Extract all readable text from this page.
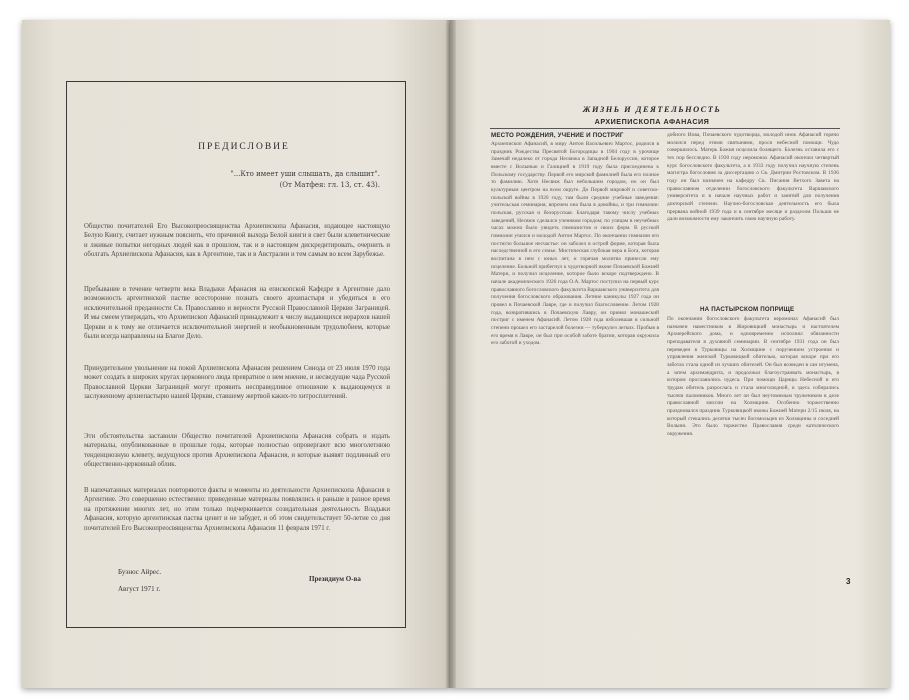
ПРЕДИСЛОВИЕ
"...Кто имеет уши слышать, да слышит".
(От Матфея: гл. 13, ст. 43).
Общество почитателей Его Высокопреосвященства Архиепископа Афанасия, издающее настоящую Белую Книгу, считает нужным пояснить, что причиной выхода Белой книги в свет были клеветнические и лживые попытки негодных людей как в прошлом, так и в настоящем дискредитировать, очернить и оболгать Архиепископа Афанасия, как в Аргентине, так и в Австралии и тем самым во всем Зарубежье.
Пребывание в течение четверти века Владыки Афанасия на епископской Кафедре в Аргентине дало возможность аргентинской пастве всесторонне познать своего архипастыря и убедиться в его исключительной преданности Св. Православию и верности Русской Православной Церкви Заграницей. И мы смеем утверждать, что Архиепископ Афанасий принадлежит к числу выдающихся иерархов нашей Церкви и к тому же отличается исключительной энергией и необыкновенным трудолюбием, которые были всегда направлены на Благое Дело.
Принудительное увольнение на покой Архиепископа Афанасия решением Синода от 23 июля 1970 года может создать в широких кругах церковного люда превратное о нем мнение, и несведущие чада Русской Православной Церкви Заграницей могут проявить несправедливое отношение к выдающемуся и заслуженному архиепастырю нашей Церкви, ставшему жертвой каких-то хитросплетений.
Эти обстоятельства заставили Общество почитателей Архиепископа Афанасия собрать и издать материалы, опубликованные в прошлые годы, которые полностью опровергают всю многолетнюю тенденциозную клевету, ведущуюся против Архиепископа Афанасия, и которые выявят подлинный его общественно-церковный облик.
В напечатанных материалах повторяются факты и моменты из деятельности Архиепископа Афанасия в Аргентине. Это совершенно естественно: приведенные материалы появлялись и раньше в разное время на протяжении многих лет, но этим только подчеркивается созидательная деятельность Владыки Афанасия, которую аргентинская паства ценит и не забудет, и об этом свидетельствует 50-летие со дня почитателей Его Высокопреосвященства Архиепископа Афанасия 11 февраля 1971 г.
Буэнос Айрес.
Август 1971 г.
Президиум О-ва
ЖИЗНЬ И ДЕЯТЕЛЬНОСТЬ
АРХИЕПИСКОПА АФАНАСИЯ
МЕСТО РОЖДЕНИЯ, УЧЕНИЕ И ПОСТРИГ
Архиепископ Афанасий, в миру Антон Васильевич Мартос, родился в праздник Рождества Пресвятой Богородицы в 1904 году в урочище Замечай недалеко от города Несвижа в Западной Белоруссии, которое вместе с Волынью и Галицией в 1919 году была присоединена к Польскому государству. Первой его мирской фамилией была его полное то фамилию. Хотя Несвиж был небольшим городом, но он был культурным центром на всем округе. До Первой мировой и советско-польской войны в 1920 году, там были средние учебные заведения: учительская семинария, впрочем она была в довойны, и три гимназии: польская, русская и белорусская. Благодаря такому числу учебных заведений, Несвиж сделался учеником городом; по улицам в неучебных часах можно было увидеть гимназистов и своих форм. В русской гимназии учился и молодой Антон Мартос. По окончании гимназии его постигло большое несчастье: он заболел в острой форме, которая была наследственной в его семье. Мистическая глубокая вера в Бога, которая воспитана в нем с юных лет, и горячая молитва принесли ему исцеление. Больной прибегнул к чудотворной иконе Почаевской Божией Матери, и получил исцеление, которое было вскоре подтверждено. В начале академического 1926 года О.А. Мартос поступил на первый курс православного богословского факультета Варшавского университета для получения богословского образования. Летние каникулы 1927 года он провел в Почаевской Лавре, где и получил благословение. Летом 1928 года, возвратившись в Почаевскую Лавру, он принял монашеский постриг с именем Афанасий. Летом 1928 года взболевшая в сильной степени прошел его застарелой болезни — туберкулез легких. Пробыв в его время в Лавре, он был при особой заботе братии, которая окружила его заботой и уходом.
добного Иова, Почаевского чудотворца, молодой инок Афанасий горячо молился перед этими святынями, прося небесной помощи. Чудо совершилось. Матерь Божия исцелила болящего. Болезнь оставила его с тех пор бесследно. В 1930 году иеромонах Афанасий окончил четвертый курс богословского факультета, а в 1933 году получил научную степень магистра богословия за диссертацию о Св. Дмитрии Ростовском. В 1936 году он был назначен на кафедру Св. Писания Ветхого Завета на православном отделении богословского факультета Варшавского университета и в начале научных работ и занятий для получения докторской степени. Научно-богословская деятельность его была прервана войной 1939 года и в сентябре месяце и разделом Польши не дали возможности ему закончить свою научную работу.
НА ПАСТЫРСКОМ ПОПРИЩЕ
По окончании богословского факультета иеромонах Афанасий был назначен наместником в Жировицкий монастырь и настоятелем Архиерейского дома, и одновременно исполнял обязанности преподавателя в духовной семинарии. В сентябре 1931 года он был переведен в Турковицы на Холмщине с поручением устроения и управления женской Турковицкой обителью, которая вскоре при его заботах стала одной из лучших обителей. Он был возведен в сан игумена, а затем архимандрита, и продолжал благоустраивать монастырь, в котором прославились чудеса. При помощи Царицы Небесной и его трудам обитель разрослась и стала многолюдной, и здесь собирались тысячи паломников. Много лет он был неутомимым тружеником в деле православной миссии на Холмщине. Особенно торжественно праздновался праздник Турковицкой иконы Божией Матери 2/15 июля, на который стекались десятки тысяч богомольцев из Холмщины и соседней Волыни. Это было торжество Православия среди католического окружения.
3
